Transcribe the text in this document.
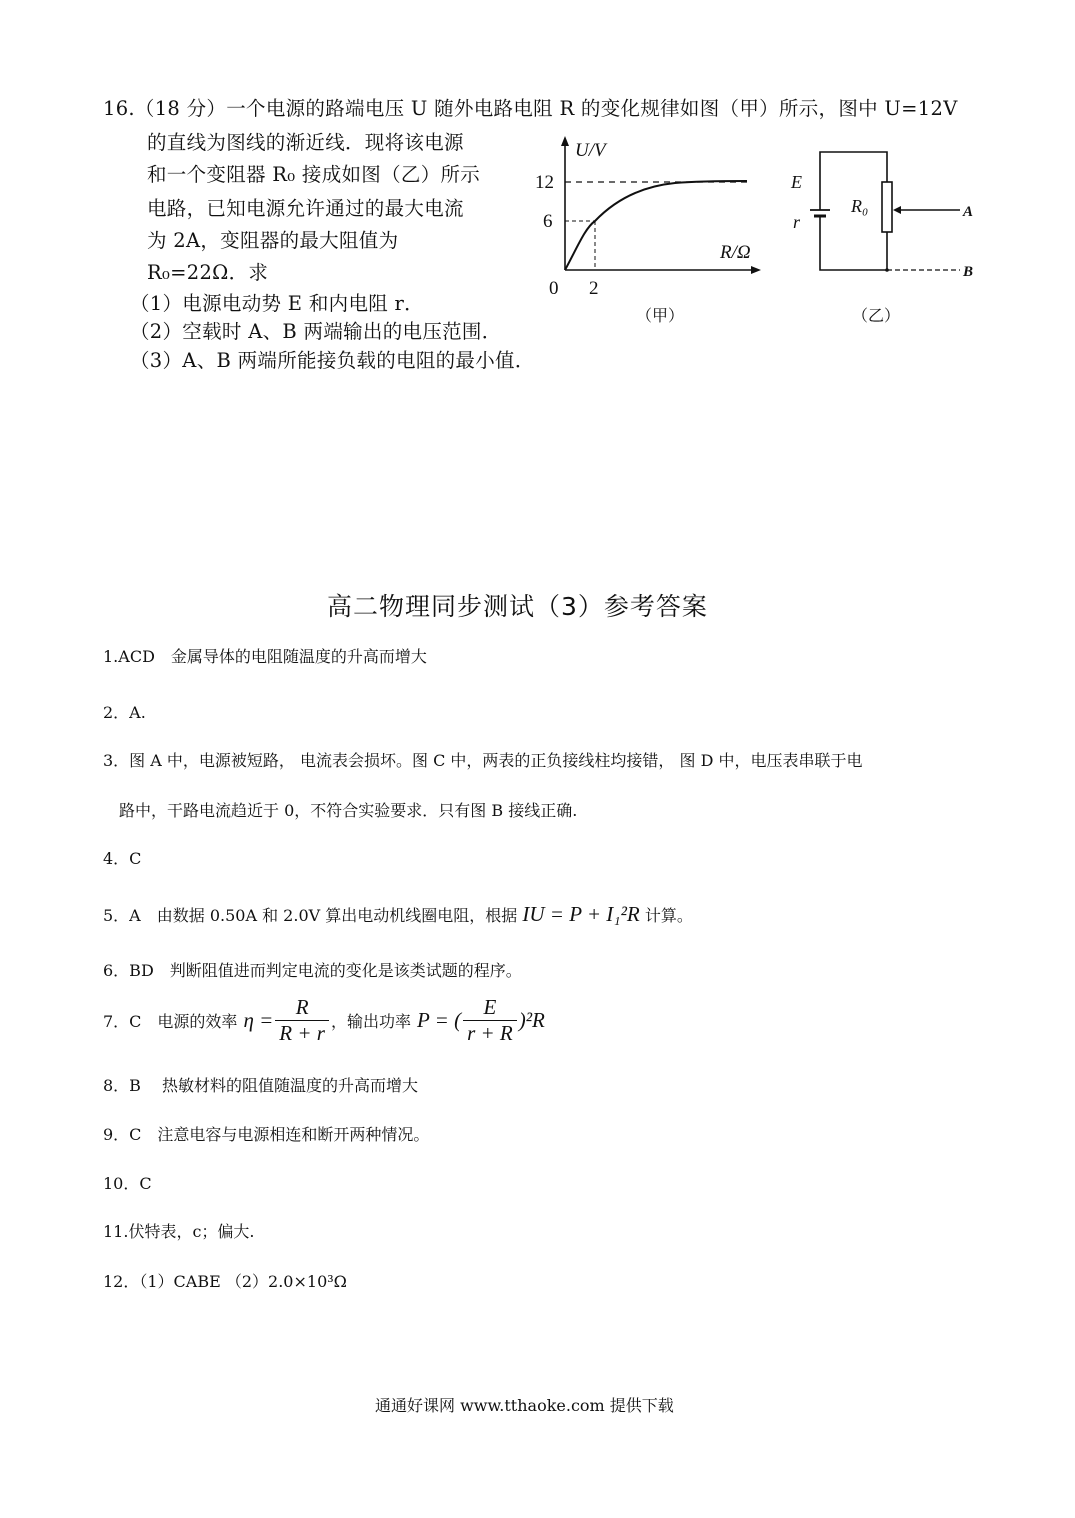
16.（18 分）一个电源的路端电压 U 随外电路电阻 R 的变化规律如图（甲）所示，图中 U=12V
的直线为图线的渐近线．现将该电源
和一个变阻器 R₀ 接成如图（乙）所示
电路，已知电源允许通过的最大电流
为 2A，变阻器的最大阻值为
R₀=22Ω．求
（1）电源电动势 E 和内电阻 r．
（2）空载时 A、B 两端输出的电压范围．
（3）A、B 两端所能接负载的电阻的最小值．
U/V
R/Ω
12
6
2
0
（甲）
E
r
R₀	A
B
（乙）
高二物理同步测试（3）参考答案
1.ACD　金属导体的电阻随温度的升高而增大
2．A.
3．图 A 中，电源被短路， 电流表会损坏。图 C 中，两表的正负接线柱均接错， 图 D 中，电压表串联于电
路中，干路电流趋近于 0，不符合实验要求．只有图 B 接线正确.
4．C
5．A　由数据 0.50A 和 2.0V 算出电动机线圈电阻，根据 IU = P + I₁²R 计算。
6．BD　判断阻值进而判定电流的变化是该类试题的程序。
7．C　电源的效率 $\eta = \frac{R}{R + r}$ ，输出功率 P = ( $\frac{E}{r + R} )^2R$
8．B　 热敏材料的阻值随温度的升高而增大
9．C　注意电容与电源相连和断开两种情况。
10．C
11.伏特表，c；偏大.
12．（1）CABE （2）2.0×10³Ω
通通好课网 www.tthaoke.com 提供下载
